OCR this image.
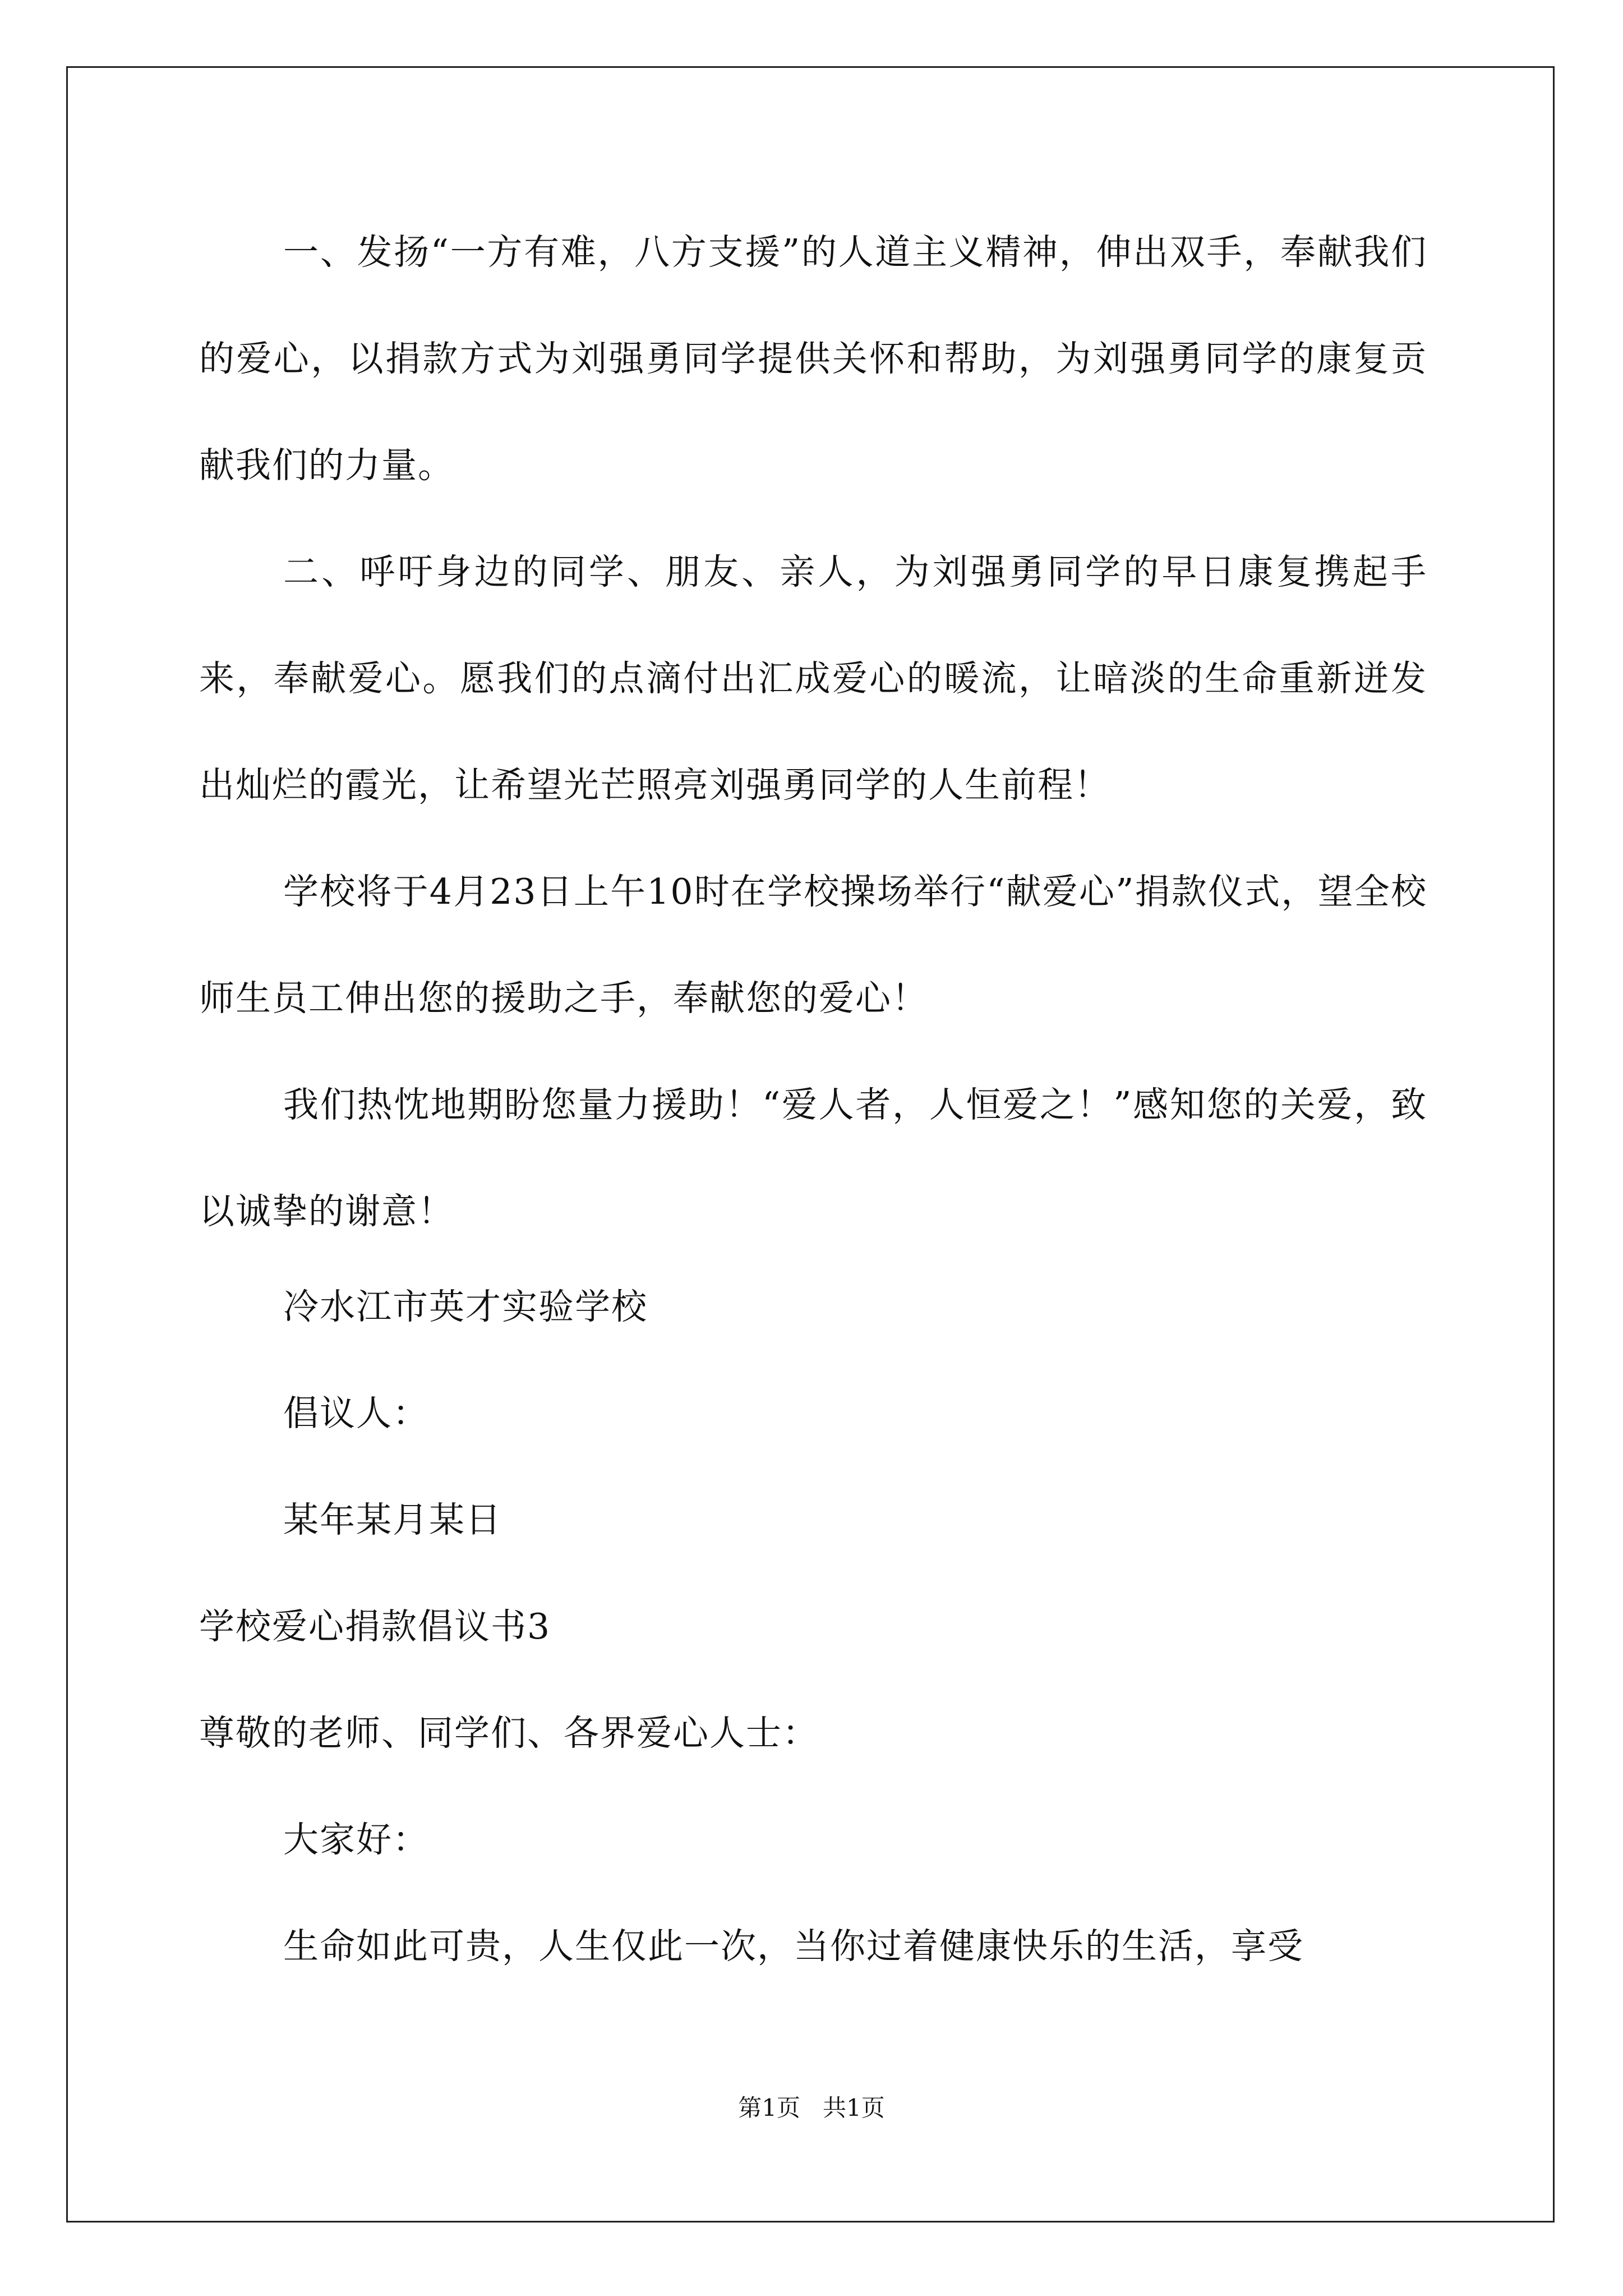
一、发扬“一方有难，八方支援”的人道主义精神，伸出双手，奉献我们的爱心，以捐款方式为刘强勇同学提供关怀和帮助，为刘强勇同学的康复贡献我们的力量。

二、呼吁身边的同学、朋友、亲人，为刘强勇同学的早日康复携起手来，奉献爱心。愿我们的点滴付出汇成爱心的暖流，让暗淡的生命重新迸发出灿烂的霞光，让希望光芒照亮刘强勇同学的人生前程！

学校将于4月23日上午10时在学校操场举行“献爱心”捐款仪式，望全校师生员工伸出您的援助之手，奉献您的爱心！

我们热忱地期盼您量力援助！“爱人者，人恒爱之！”感知您的关爱，致以诚挚的谢意！

冷水江市英才实验学校

倡议人：

某年某月某日

学校爱心捐款倡议书3

尊敬的老师、同学们、各界爱心人士：

大家好：

生命如此可贵，人生仅此一次，当你过着健康快乐的生活，享受

第1页 共1页
